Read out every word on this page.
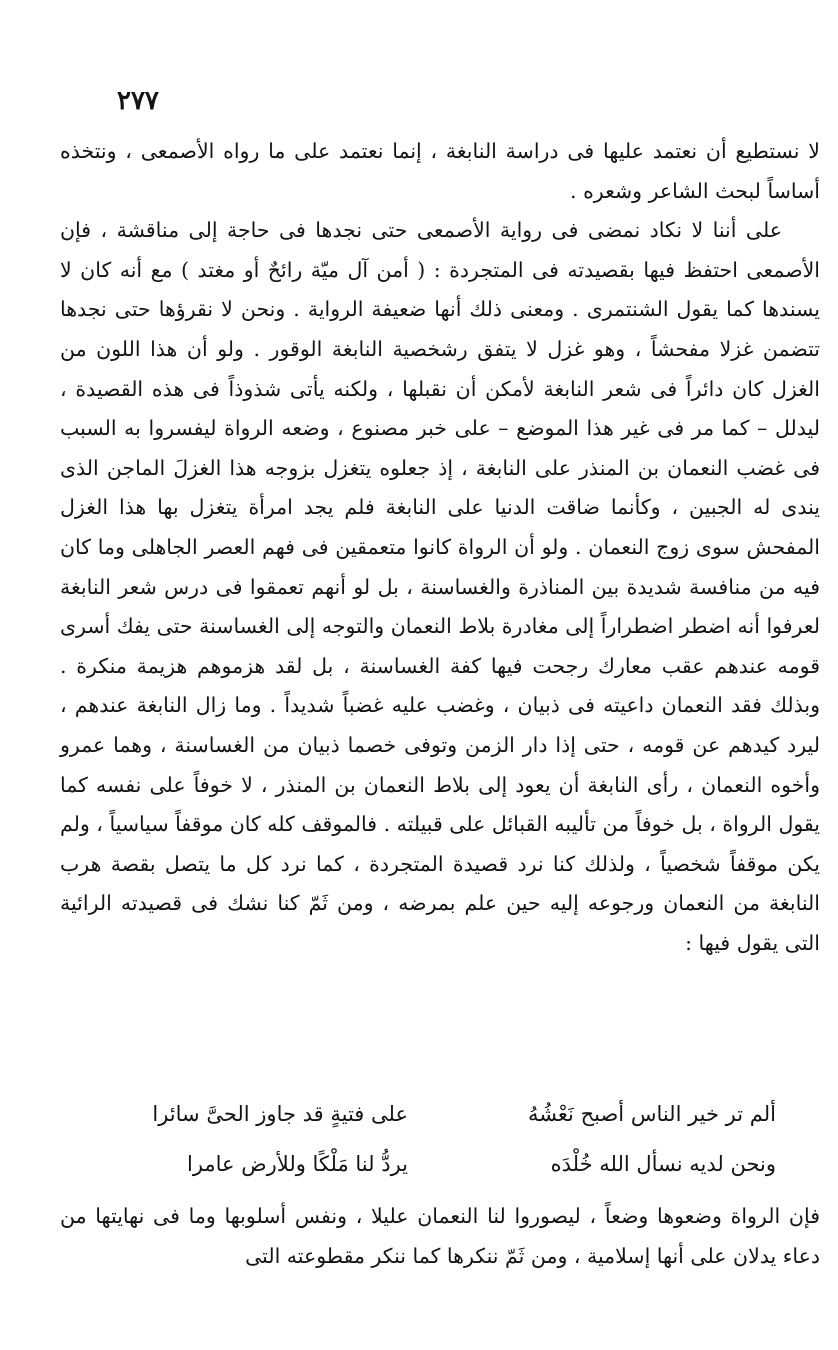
٢٧٧

لا نستطيع أن نعتمد عليها فى دراسة النابغة ، إنما نعتمد على ما رواه الأصمعى ، ونتخذه أساساً لبحث الشاعر وشعره .

على أننا لا نكاد نمضى فى رواية الأصمعى حتى نجدها فى حاجة إلى مناقشة ، فإن الأصمعى احتفظ فيها بقصيدته فى المتجردة : ( أمن آل ميّة رائحٌ أو مغتد ) مع أنه كان لا يسندها كما يقول الشنتمرى . ومعنى ذلك أنها ضعيفة الرواية . ونحن لا نقرؤها حتى نجدها تتضمن غزلا مفحشاً ، وهو غزل لا يتفق رشخصية النابغة الوقور . ولو أن هذا اللون من الغزل كان دائراً فى شعر النابغة لأمكن أن نقبلها ، ولكنه يأتى شذوذاً فى هذه القصيدة ، ليدلل – كما مر فى غير هذا الموضع – على خبر مصنوع ، وضعه الرواة ليفسروا به السبب فى غضب النعمان بن المنذر على النابغة ، إذ جعلوه يتغزل بزوجه هذا الغزلَ الماجن الذى يندى له الجبين ، وكأنما ضاقت الدنيا على النابغة فلم يجد امرأة يتغزل بها هذا الغزل المفحش سوى زوج النعمان . ولو أن الرواة كانوا متعمقين فى فهم العصر الجاهلى وما كان فيه من منافسة شديدة بين المناذرة والغساسنة ، بل لو أنهم تعمقوا فى درس شعر النابغة لعرفوا أنه اضطر اضطراراً إلى مغادرة بلاط النعمان والتوجه إلى الغساسنة حتى يفك أسرى قومه عندهم عقب معارك رجحت فيها كفة الغساسنة ، بل لقد هزموهم هزيمة منكرة . وبذلك فقد النعمان داعيته فى ذبيان ، وغضب عليه غضباً شديداً . وما زال النابغة عندهم ، ليرد كيدهم عن قومه ، حتى إذا دار الزمن وتوفى خصما ذبيان من الغساسنة ، وهما عمرو وأخوه النعمان ، رأى النابغة أن يعود إلى بلاط النعمان بن المنذر ، لا خوفاً على نفسه كما يقول الرواة ، بل خوفاً من تأليبه القبائل على قبيلته . فالموقف كله كان موقفاً سياسياً ، ولم يكن موقفاً شخصياً ، ولذلك كنا نرد قصيدة المتجردة ، كما نرد كل ما يتصل بقصة هرب النابغة من النعمان ورجوعه إليه حين علم بمرضه ، ومن ثَمّ كنا نشك فى قصيدته الرائية التى يقول فيها :

ألم تر خير الناس أصبح نَعْشُهُ
على فتيةٍ قد جاوز الحىَّ سائرا
ونحن لديه نسأل الله خُلْدَه
يردُّ لنا مَلْكًا وللأرض عامرا

فإن الرواة وضعوها وضعاً ، ليصوروا لنا النعمان عليلا ، ونفس أسلوبها وما فى نهايتها من دعاء يدلان على أنها إسلامية ، ومن ثَمّ ننكرها كما ننكر مقطوعته التى
